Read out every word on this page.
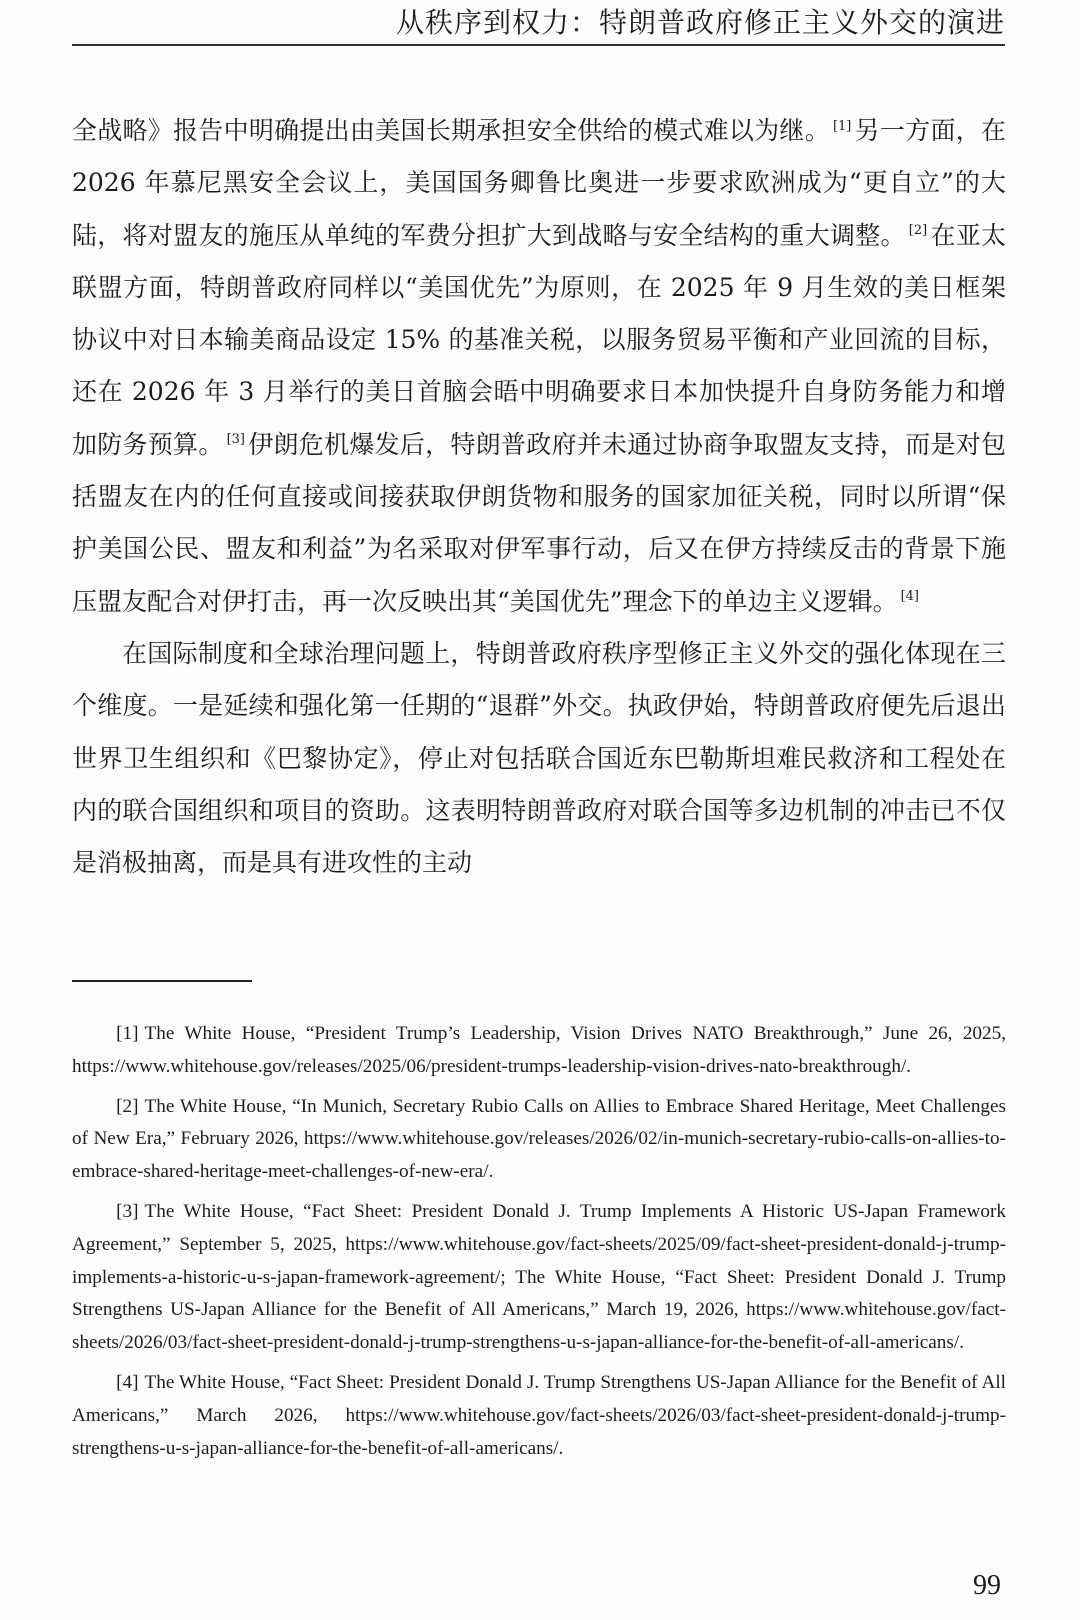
从秩序到权力：特朗普政府修正主义外交的演进

全战略》报告中明确提出由美国长期承担安全供给的模式难以为继。 [1] 另一方面，在 2026 年慕尼黑安全会议上，美国国务卿鲁比奥进一步要求欧洲成为“更自立”的大陆，将对盟友的施压从单纯的军费分担扩大到战略与安全结构的重大调整。 [2] 在亚太联盟方面，特朗普政府同样以“美国优先”为原则，在 2025 年 9 月生效的美日框架协议中对日本输美商品设定 15% 的基准关税，以服务贸易平衡和产业回流的目标，还在 2026 年 3 月举行的美日首脑会晤中明确要求日本加快提升自身防务能力和增加防务预算。 [3] 伊朗危机爆发后，特朗普政府并未通过协商争取盟友支持，而是对包括盟友在内的任何直接或间接获取伊朗货物和服务的国家加征关税，同时以所谓“保护美国公民、盟友和利益”为名采取对伊军事行动，后又在伊方持续反击的背景下施压盟友配合对伊打击，再一次反映出其“美国优先”理念下的单边主义逻辑。 [4]

在国际制度和全球治理问题上，特朗普政府秩序型修正主义外交的强化体现在三个维度。一是延续和强化第一任期的“退群”外交。执政伊始，特朗普政府便先后退出世界卫生组织和《巴黎协定》，停止对包括联合国近东巴勒斯坦难民救济和工程处在内的联合国组织和项目的资助。这表明特朗普政府对联合国等多边机制的冲击已不仅是消极抽离，而是具有进攻性的主动

[1] The White House, “President Trump’s Leadership, Vision Drives NATO Breakthrough,” June 26, 2025, https://www.whitehouse.gov/releases/2025/06/president-trumps-leadership-vision-drives-nato-breakthrough/.

[2] The White House, “In Munich, Secretary Rubio Calls on Allies to Embrace Shared Heritage, Meet Challenges of New Era,” February 2026, https://www.whitehouse.gov/releases/2026/02/in-munich-secretary-rubio-calls-on-allies-to-embrace-shared-heritage-meet-challenges-of-new-era/.

[3] The White House, “Fact Sheet: President Donald J. Trump Implements A Historic US-Japan Framework Agreement,” September 5, 2025, https://www.whitehouse.gov/fact-sheets/2025/09/fact-sheet-president-donald-j-trump-implements-a-historic-u-s-japan-framework-agreement/; The White House, “Fact Sheet: President Donald J. Trump Strengthens US-Japan Alliance for the Benefit of All Americans,” March 19, 2026, https://www.whitehouse.gov/fact-sheets/2026/03/fact-sheet-president-donald-j-trump-strengthens-u-s-japan-alliance-for-the-benefit-of-all-americans/.

[4] The White House, “Fact Sheet: President Donald J. Trump Strengthens US-Japan Alliance for the Benefit of All Americans,” March 2026, https://www.whitehouse.gov/fact-sheets/2026/03/fact-sheet-president-donald-j-trump-strengthens-u-s-japan-alliance-for-the-benefit-of-all-americans/.

99
